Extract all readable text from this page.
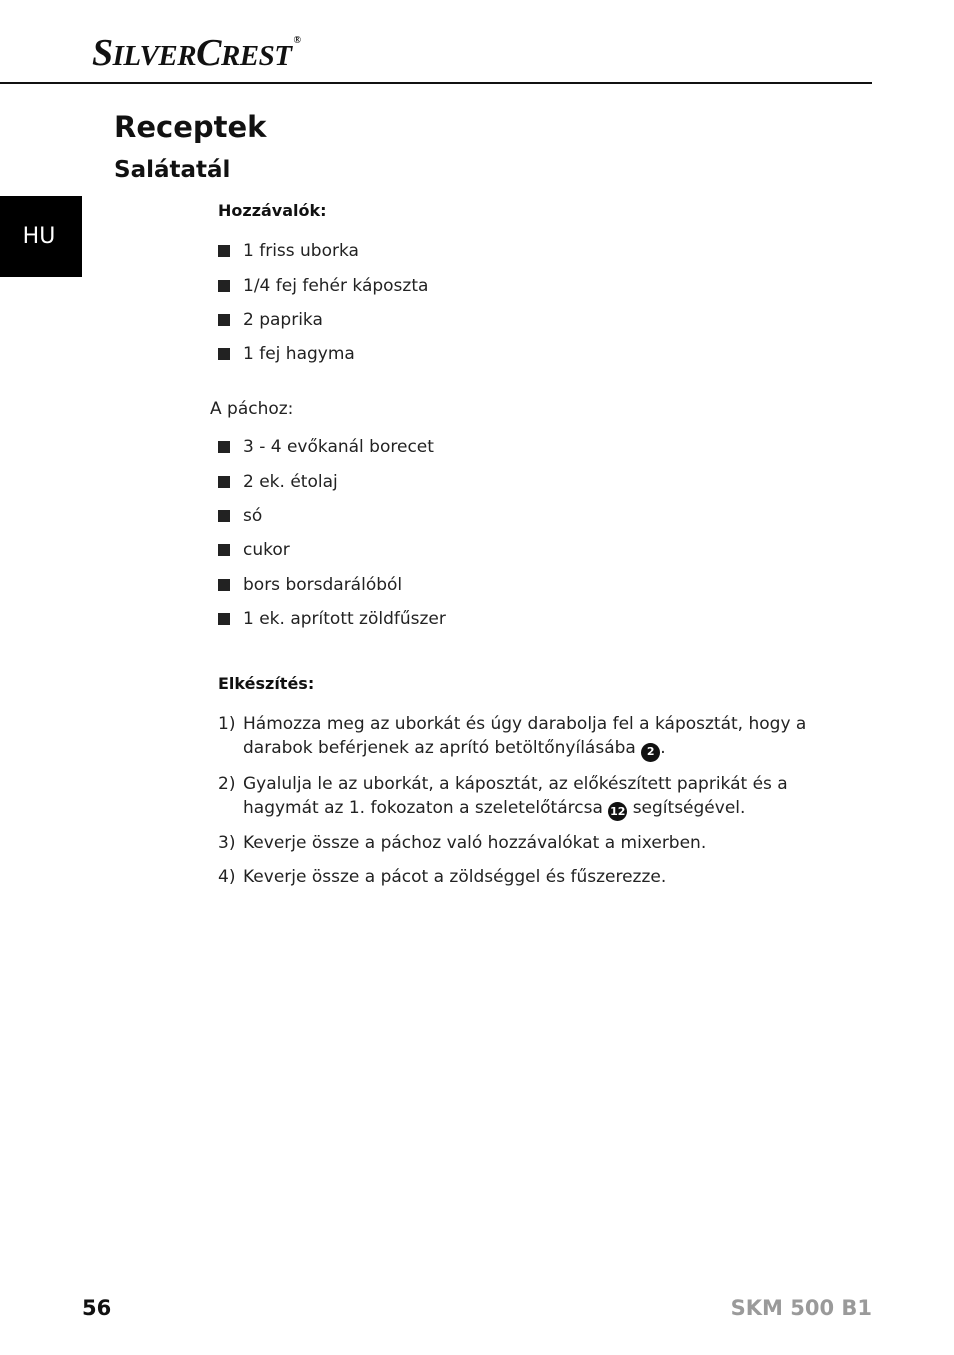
SILVERCREST ®
HU
Receptek
Salátatál

Hozzávalók:

1 friss uborka
1/4 fej fehér káposzta
2 paprika
1 fej hagyma

A páchoz:

3 - 4 evőkanál borecet
2 ek. étolaj
só
cukor
bors borsdarálóból
1 ek. aprított zöldfűszer

Elkészítés:

1) Hámozza meg az uborkát és úgy darabolja fel a káposztát, hogy a darabok beférjenek az aprító betöltőnyílásába 2 .
2) Gyalulja le az uborkát, a káposztát, az előkészített paprikát és a hagymát az 1. fokozaton a szeletelőtárcsa 12 segítségével.
3) Keverje össze a páchoz való hozzávalókat a mixerben.
4) Keverje össze a pácot a zöldséggel és fűszerezze.

56	SKM 500 B1
